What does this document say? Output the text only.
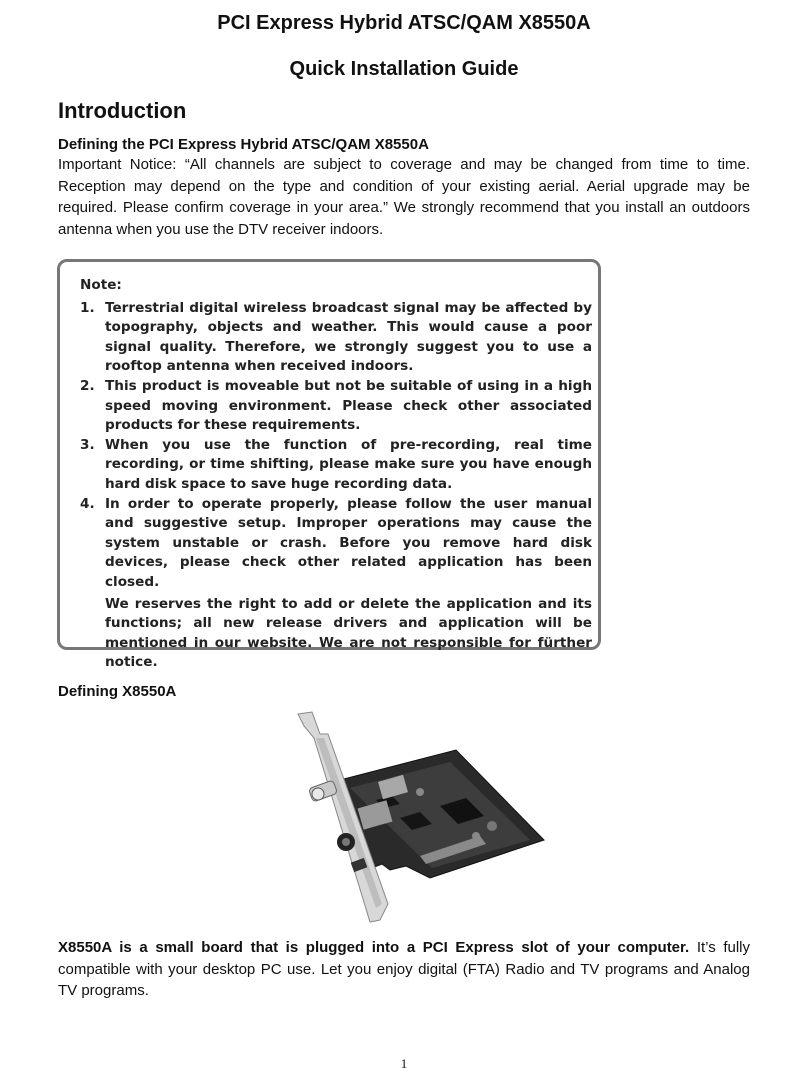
PCI Express Hybrid ATSC/QAM X8550A
Quick Installation Guide
Introduction
Defining the PCI Express Hybrid ATSC/QAM X8550A
Important Notice: “All channels are subject to coverage and may be changed from time to time. Reception may depend on the type and condition of your existing aerial. Aerial upgrade may be required. Please confirm coverage in your area.” We strongly recommend that you install an outdoors antenna when you use the DTV receiver indoors.
Note:
1. Terrestrial digital wireless broadcast signal may be affected by topography, objects and weather. This would cause a poor signal quality. Therefore, we strongly suggest you to use a rooftop antenna when received indoors.
2. This product is moveable but not be suitable of using in a high speed moving environment. Please check other associated products for these requirements.
3. When you use the function of pre-recording, real time recording, or time shifting, please make sure you have enough hard disk space to save huge recording data.
4. In order to operate properly, please follow the user manual and suggestive setup. Improper operations may cause the system unstable or crash. Before you remove hard disk devices, please check other related application has been closed.
We reserves the right to add or delete the application and its functions; all new release drivers and application will be mentioned in our website. We are not responsible for fürther notice.
Defining X8550A
X8550A is a small board that is plugged into a PCI Express slot of your computer. It’s fully compatible with your desktop PC use. Let you enjoy digital (FTA) Radio and TV programs and Analog TV programs.
1
